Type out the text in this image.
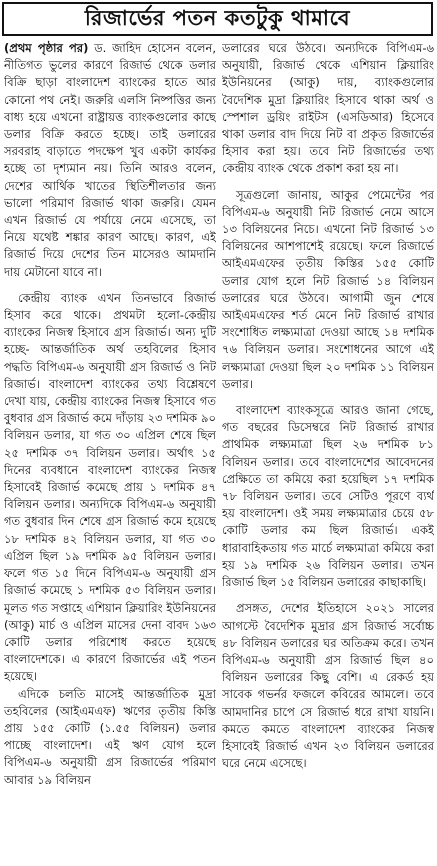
রিজার্ভের পতন কতটুকু থামাবে

(প্রথম পৃষ্ঠার পর) ড. জাহিদ হোসেন বলেন, নীতিগত ভুলের কারণে রিজার্ভ থেকে ডলার বিক্রি ছাড়া বাংলাদেশ ব্যাংকের হাতে আর কোনো পথ নেই। জরুরি এলসি নিষ্পত্তির জন্য বাধ্য হয়ে এখনো রাষ্ট্রায়ত্ত ব্যাংকগুলোর কাছে ডলার বিক্রি করতে হচ্ছে। তাই ডলারের সরবরাহ বাড়াতে পদক্ষেপ খুব একটা কার্যকর হচ্ছে তা দৃশ্যমান নয়। তিনি আরও বলেন, দেশের আর্থিক খাতের স্থিতিশীলতার জন্য ভালো পরিমাণ রিজার্ভ থাকা জরুরি। যেমন এখন রিজার্ভ যে পর্যায়ে নেমে এসেছে, তা নিয়ে যথেষ্ট শঙ্কার কারণ আছে। কারণ, এই রিজার্ভ দিয়ে দেশের তিন মাসেরও আমদানি দায় মেটানো যাবে না।

কেন্দ্রীয় ব্যাংক এখন তিনভাবে রিজার্ভ হিসাব করে থাকে। প্রথমটা হলো-কেন্দ্রীয় ব্যাংকের নিজস্ব হিসাবে গ্রস রিজার্ভ। অন্য দুটি হচ্ছে- আন্তর্জাতিক অর্থ তহবিলের হিসাব পদ্ধতি বিপিএম-৬ অনুযায়ী গ্রস রিজার্ভ ও নিট রিজার্ভ। বাংলাদেশ ব্যাংকের তথ্য বিশ্লেষণে দেখা যায়, কেন্দ্রীয় ব্যাংকের নিজস্ব হিসাবে গত বুধবার গ্রস রিজার্ভ কমে দাঁড়ায় ২৩ দশমিক ৯০ বিলিয়ন ডলার, যা গত ৩০ এপ্রিল শেষে ছিল ২৫ দশমিক ৩৭ বিলিয়ন ডলার। অর্থাৎ ১৫ দিনের ব্যবধানে বাংলাদেশ ব্যাংকের নিজস্ব হিসাবেই রিজার্ভ কমেছে প্রায় ১ দশমিক ৪৭ বিলিয়ন ডলার। অন্যদিকে বিপিএম-৬ অনুযায়ী গত বুধবার দিন শেষে গ্রস রিজার্ভ কমে হয়েছে ১৮ দশমিক ৪২ বিলিয়ন ডলার, যা গত ৩০ এপ্রিল ছিল ১৯ দশমিক ৯৫ বিলিয়ন ডলার। ফলে গত ১৫ দিনে বিপিএম-৬ অনুযায়ী গ্রস রিজার্ভ কমেছে ১ দশমিক ৫৩ বিলিয়ন ডলার। মূলত গত সপ্তাহে এশিয়ান ক্লিয়ারিং ইউনিয়নের (আকু) মার্চ ও এপ্রিল মাসের দেনা বাবদ ১৬৩ কোটি ডলার পরিশোধ করতে হয়েছে বাংলাদেশকে। এ কারণে রিজার্ভের এই পতন হয়েছে।

এদিকে চলতি মাসেই আন্তর্জাতিক মুদ্রা তহবিলের (আইএমএফ) ঋণের তৃতীয় কিস্তি প্রায় ১৫৫ কোটি (১.৫৫ বিলিয়ন) ডলার পাচ্ছে বাংলাদেশ। এই ঋণ যোগ হলে বিপিএম-৬ অনুযায়ী গ্রস রিজার্ভের পরিমাণ আবার ১৯ বিলিয়ন

ডলারের ঘরে উঠবে। অন্যদিকে বিপিএম-৬ অনুযায়ী, রিজার্ভ থেকে এশিয়ান ক্লিয়ারিং ইউনিয়নের (আকু) দায়, ব্যাংকগুলোর বৈদেশিক মুদ্রা ক্লিয়ারিং হিসাবে থাকা অর্থ ও স্পেশাল ড্রয়িং রাইটস (এসডিআর) হিসেবে থাকা ডলার বাদ দিয়ে নিট বা প্রকৃত রিজার্ভের হিসাব করা হয়। তবে নিট রিজার্ভের তথ্য কেন্দ্রীয় ব্যাংক থেকে প্রকাশ করা হয় না।

সূত্রগুলো জানায়, আকুর পেমেন্টের পর বিপিএম-৬ অনুযায়ী নিট রিজার্ভ নেমে আসে ১৩ বিলিয়নের নিচে। এখনো নিট রিজার্ভ ১৩ বিলিয়নের আশপাশেই রয়েছে। ফলে রিজার্ভে আইএমএফের তৃতীয় কিস্তির ১৫৫ কোটি ডলার যোগ হলে নিট রিজার্ভ ১৪ বিলিয়ন ডলারের ঘরে উঠবে। আগামী জুন শেষে আইএমএফের শর্ত মেনে নিট রিজার্ভ রাখার সংশোধিত লক্ষ্যমাত্রা দেওয়া আছে ১৪ দশমিক ৭৬ বিলিয়ন ডলার। সংশোধনের আগে এই লক্ষ্যমাত্রা দেওয়া ছিল ২০ দশমিক ১১ বিলিয়ন ডলার।

বাংলাদেশ ব্যাংকসূত্রে আরও জানা গেছে, গত বছরের ডিসেম্বরে নিট রিজার্ভ রাখার প্রাথমিক লক্ষ্যমাত্রা ছিল ২৬ দশমিক ৮১ বিলিয়ন ডলার। তবে বাংলাদেশের আবেদনের প্রেক্ষিতে তা কমিয়ে করা হয়েছিল ১৭ দশমিক ৭৮ বিলিয়ন ডলার। তবে সেটিও পূরণে ব্যর্থ হয় বাংলাদেশ। ওই সময় লক্ষ্যমাত্রার চেয়ে ৫৮ কোটি ডলার কম ছিল রিজার্ভ। একই ধারাবাহিকতায় গত মার্চে লক্ষ্যমাত্রা কমিয়ে করা হয় ১৯ দশমিক ২৬ বিলিয়ন ডলার। তখন রিজার্ভ ছিল ১৫ বিলিয়ন ডলারের কাছাকাছি।

প্রসঙ্গত, দেশের ইতিহাসে ২০২১ সালের আগস্টে বৈদেশিক মুদ্রার গ্রস রিজার্ভ সর্বোচ্চ ৪৮ বিলিয়ন ডলারের ঘর অতিক্রম করে। তখন বিপিএম-৬ অনুযায়ী গ্রস রিজার্ভ ছিল ৪০ বিলিয়ন ডলারের কিছু বেশি। এ রেকর্ড হয় সাবেক গভর্নর ফজলে কবিরের আমলে। তবে আমদানির চাপে সে রিজার্ভ ধরে রাখা যায়নি। কমতে কমতে বাংলাদেশ ব্যাংকের নিজস্ব হিসাবেই রিজার্ভ এখন ২৩ বিলিয়ন ডলারের ঘরে নেমে এসেছে।
